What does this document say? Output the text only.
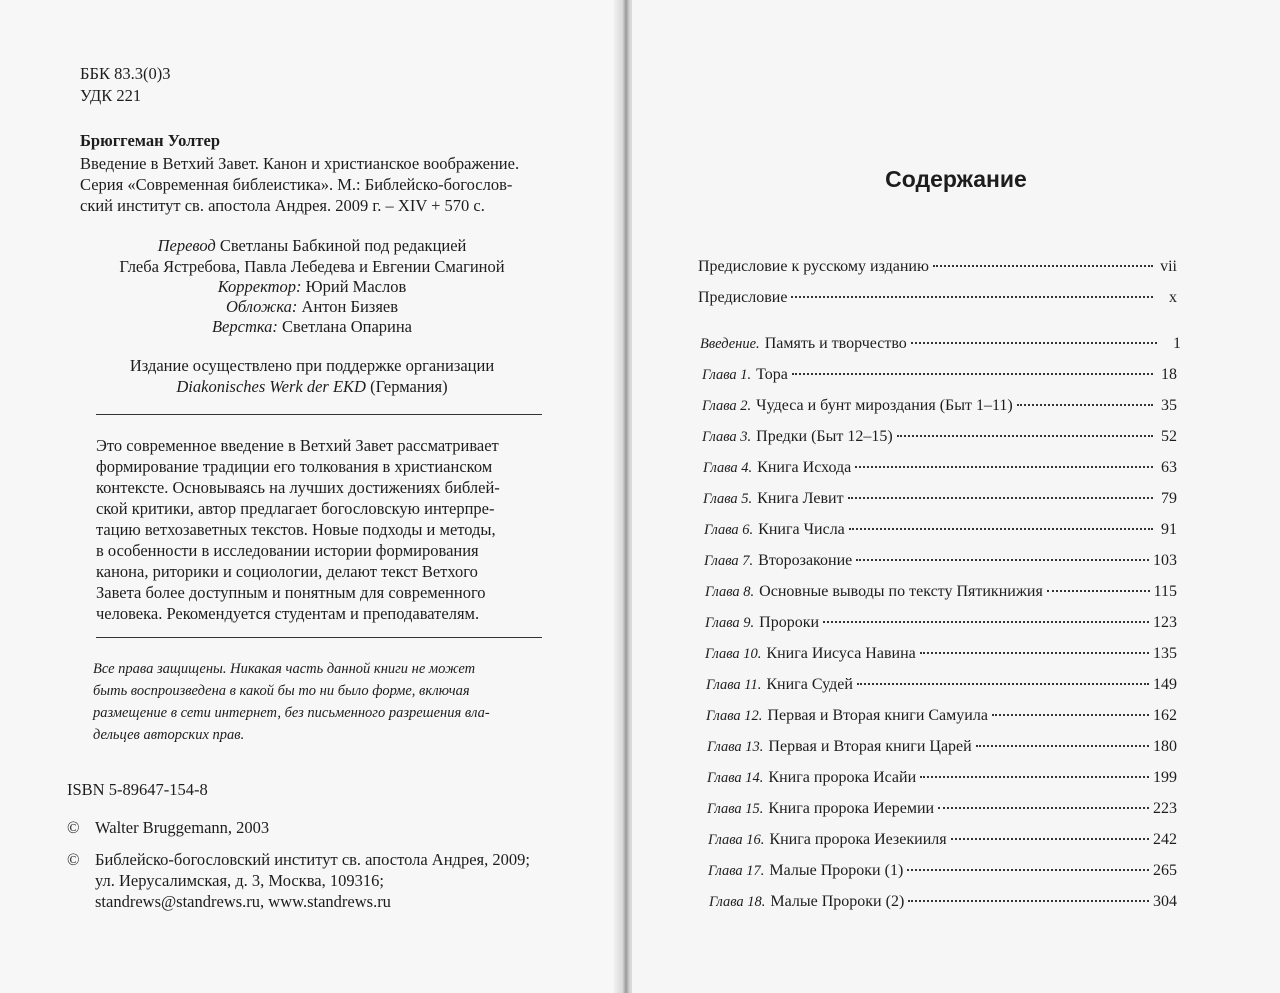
ББК 83.3(0)3
УДК 221
Брюггеман Уолтер
Введение в Ветхий Завет. Канон и христианское воображение.
Серия «Современная библеистика». М.: Библейско-богослов-
ский институт св. апостола Андрея. 2009 г. – XIV + 570 с.
Перевод Светланы Бабкиной под редакцией
Глеба Ястребова, Павла Лебедева и Евгении Смагиной
Корректор: Юрий Маслов
Обложка: Антон Бизяев
Верстка: Светлана Опарина
Издание осуществлено при поддержке организации
Diakonisches Werk der EKD (Германия)
Это современное введение в Ветхий Завет рассматривает
формирование традиции его толкования в христианском
контексте. Основываясь на лучших достижениях библей-
ской критики, автор предлагает богословскую интерпре-
тацию ветхозаветных текстов. Новые подходы и методы,
в особенности в исследовании истории формирования
канона, риторики и социологии, делают текст Ветхого
Завета более доступным и понятным для современного
человека. Рекомендуется студентам и преподавателям.
Все права защищены. Никакая часть данной книги не может
быть воспроизведена в какой бы то ни было форме, включая
размещение в сети интернет, без письменного разрешения вла-
дельцев авторских прав.
ISBN 5-89647-154-8
© Walter Bruggemann, 2003
© Библейско-богословский институт св. апостола Андрея, 2009;
ул. Иерусалимская, д. 3, Москва, 109316;
standrews@standrews.ru, www.standrews.ru
Содержание
Предисловие к русскому изданию	vii
Предисловие	x
Введение. Память и творчество	1
Глава 1. Тора	18
Глава 2. Чудеса и бунт мироздания (Быт 1–11)	35
Глава 3. Предки (Быт 12–15)	52
Глава 4. Книга Исхода	63
Глава 5. Книга Левит	79
Глава 6. Книга Числа	91
Глава 7. Второзаконие	103
Глава 8. Основные выводы по тексту Пятикнижия	115
Глава 9. Пророки	123
Глава 10. Книга Иисуса Навина	135
Глава 11. Книга Судей	149
Глава 12. Первая и Вторая книги Самуила	162
Глава 13. Первая и Вторая книги Царей	180
Глава 14. Книга пророка Исайи	199
Глава 15. Книга пророка Иеремии	223
Глава 16. Книга пророка Иезекииля	242
Глава 17. Малые Пророки (1)	265
Глава 18. Малые Пророки (2)	304
